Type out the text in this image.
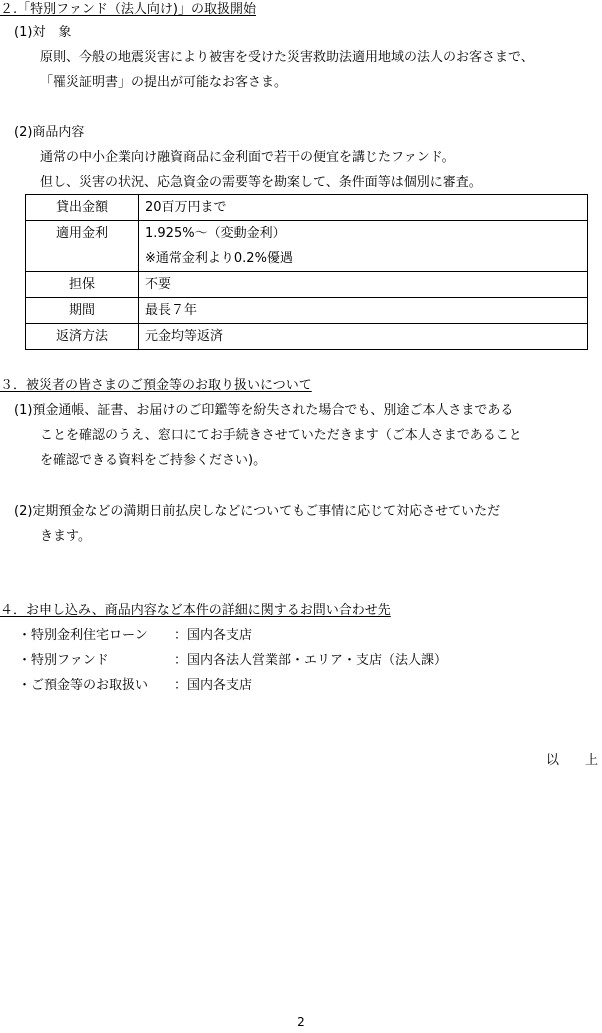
２.「特別ファンド（法人向け)」の取扱開始
(1)対　象
原則、今般の地震災害により被害を受けた災害救助法適用地域の法人のお客さまで、
「罹災証明書」の提出が可能なお客さま。
(2)商品内容
通常の中小企業向け融資商品に金利面で若干の便宜を講じたファンド。
但し、災害の状況、応急資金の需要等を勘案して、条件面等は個別に審査。
貸出金額	20百万円まで
適用金利	1.925%～（変動金利）
※通常金利より0.2%優遇

担保	不要
期間	最長７年
返済方法	元金均等返済
３．被災者の皆さまのご預金等のお取り扱いについて
(1)預金通帳、証書、お届けのご印鑑等を紛失された場合でも、別途ご本人さまである
ことを確認のうえ、窓口にてお手続きさせていただきます（ご本人さまであること
を確認できる資料をご持参ください)。
(2)定期預金などの満期日前払戻しなどについてもご事情に応じて対応させていただ
きます。
４．お申し込み、商品内容など本件の詳細に関するお問い合わせ先
・特別金利住宅ローン ：国内各支店
・特別ファンド	：国内各法人営業部・エリア・支店（法人課）
・ご預金等のお取扱い ：国内各支店
以　　上
2
